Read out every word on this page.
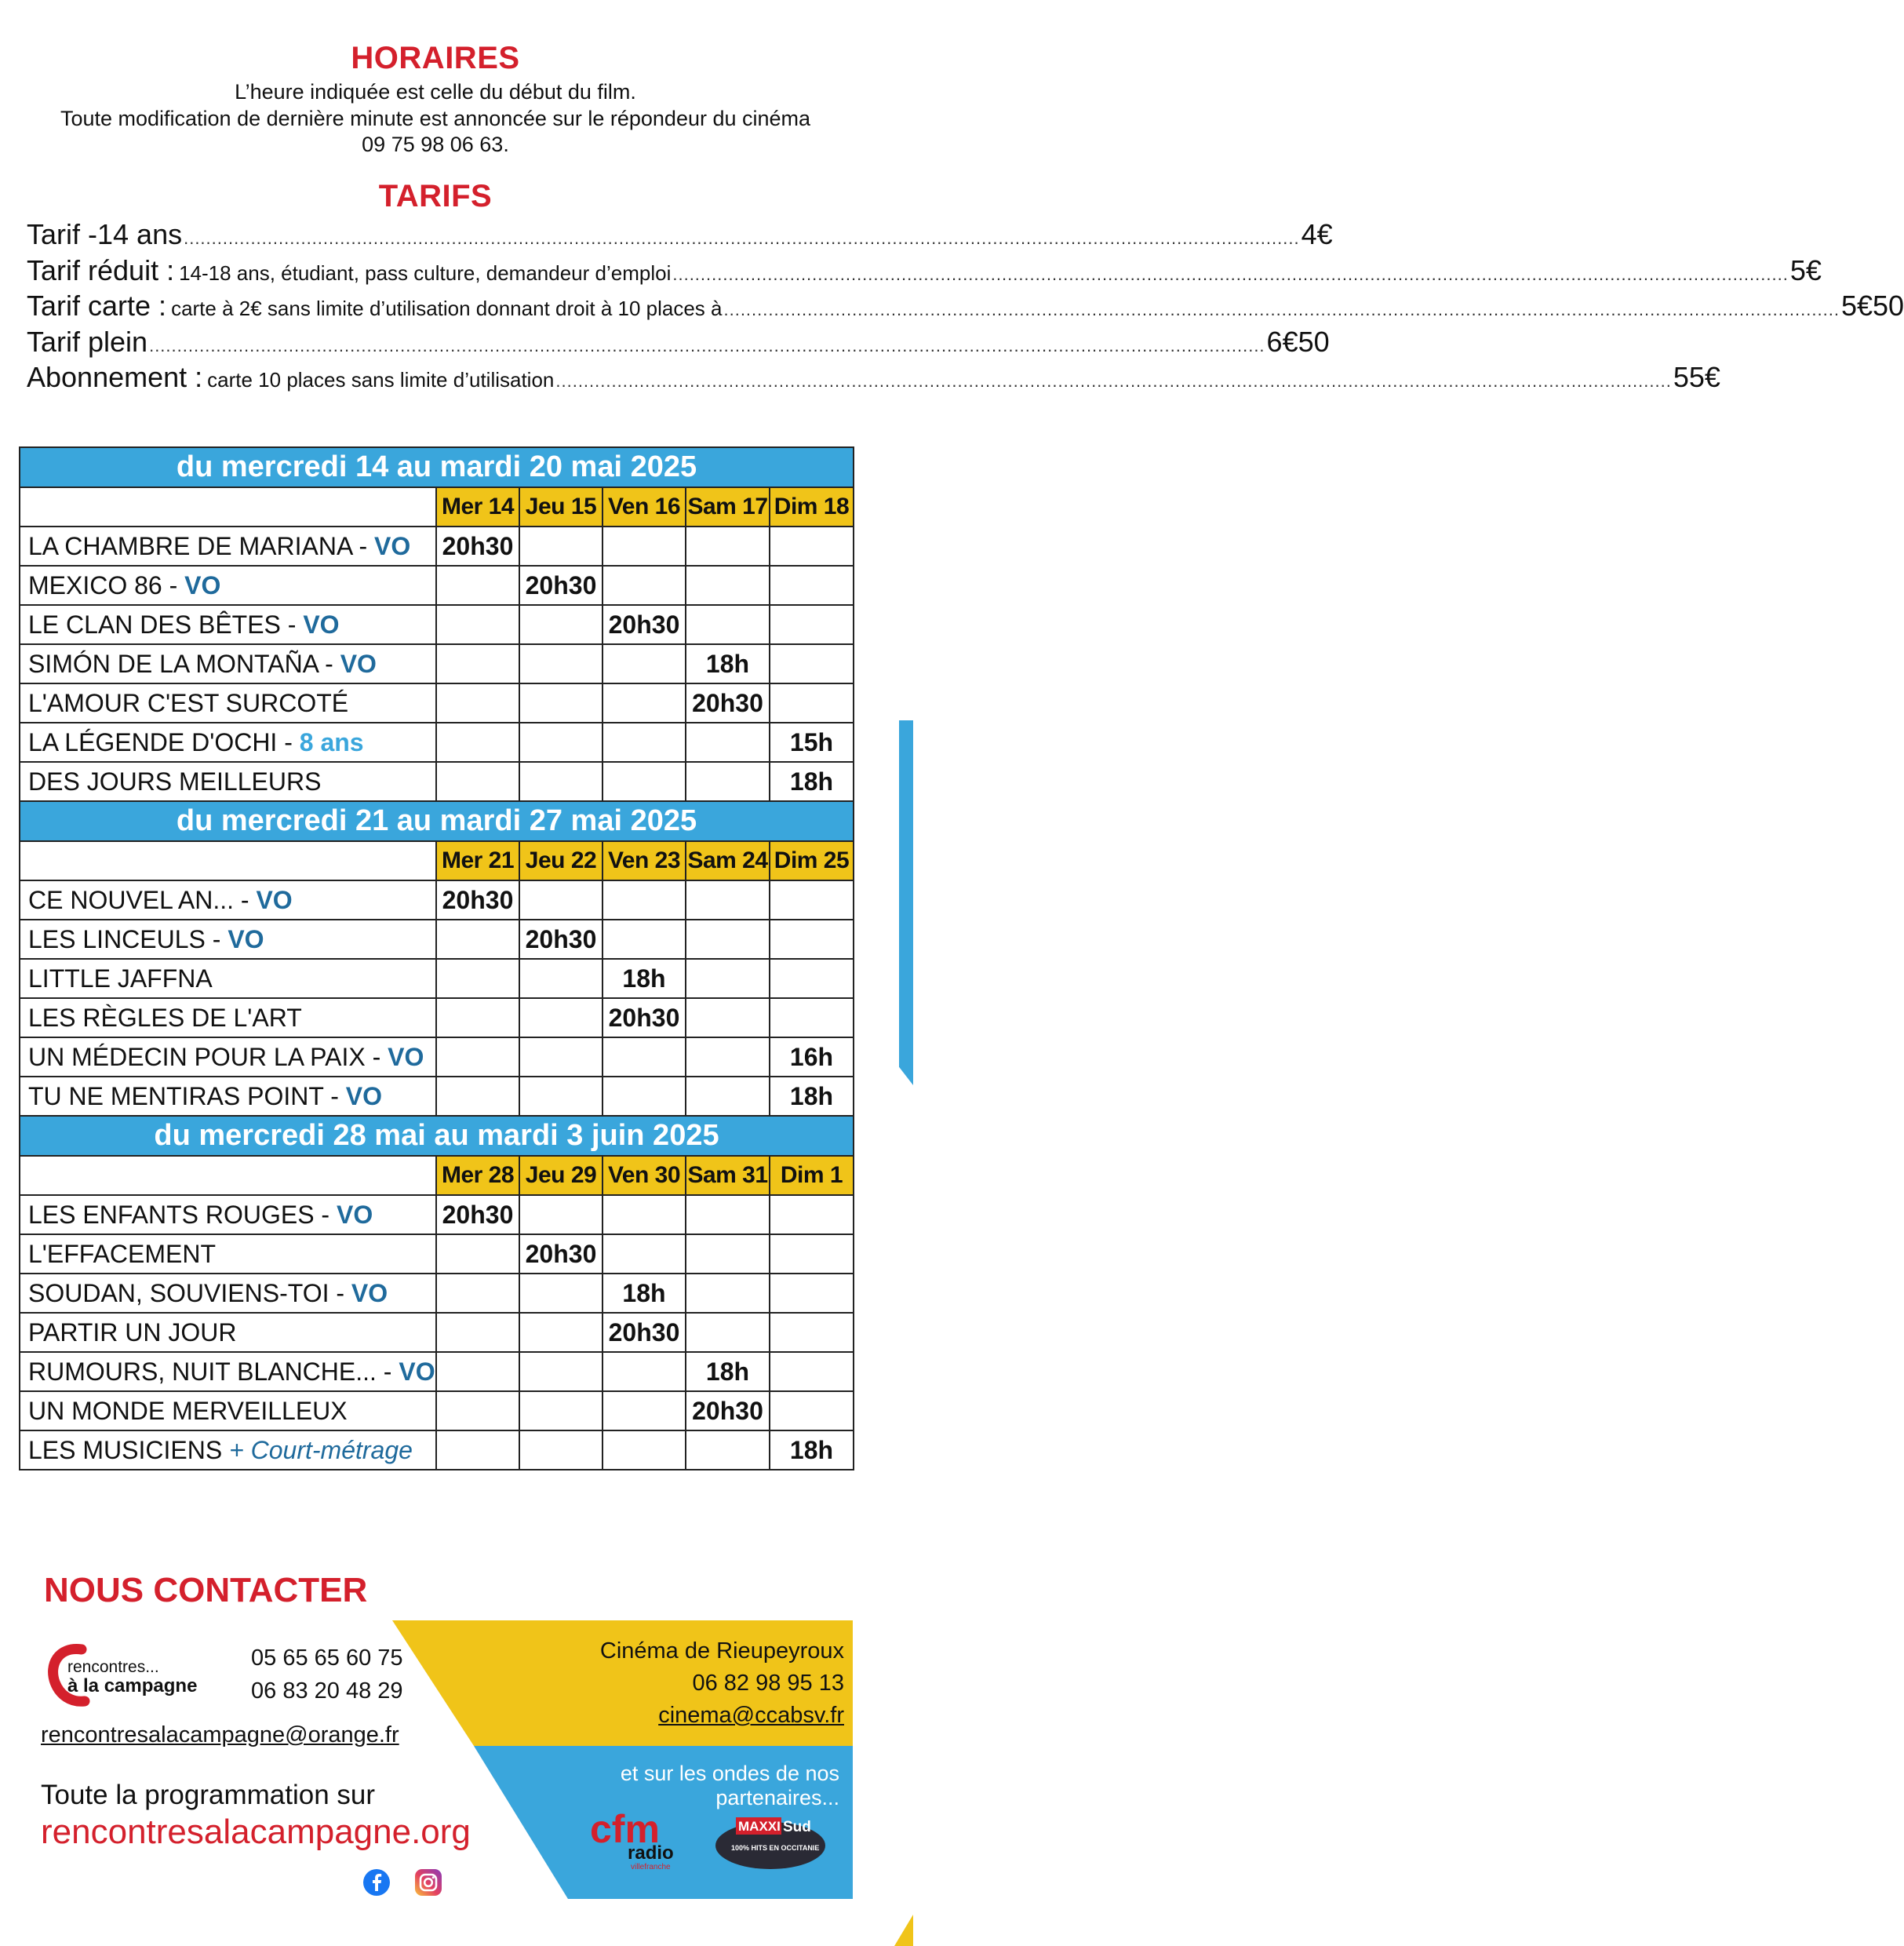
HORAIRES
L’heure indiquée est celle du début du film.
Toute modification de dernière minute est annoncée sur le répondeur du cinéma
09 75 98 06 63.
TARIFS
Tarif -14 ans ........................................................................................................................................................................................................ 4€
Tarif réduit : 14-18 ans, étudiant, pass culture, demandeur d’emploi ........................................................................................................................................................................................................ 5€
Tarif carte : carte à 2€ sans limite d’utilisation donnant droit à 10 places à ........................................................................................................................................................................................................ 5€50
Tarif plein ........................................................................................................................................................................................................ 6€50
Abonnement : carte 10 places sans limite d’utilisation ........................................................................................................................................................................................................ 55€
du mercredi 14 au mardi 20 mai 2025					
	Mer 14	Jeu 15	Ven 16	Sam 17	Dim 18
LA CHAMBRE DE MARIANA - VO	20h30				
MEXICO 86 - VO		20h30			
LE CLAN DES BÊTES - VO			20h30		
SIMÓN DE LA MONTAÑA - VO				18h	
L'AMOUR C'EST SURCOTÉ				20h30	
LA LÉGENDE D'OCHI - 8 ans					15h
DES JOURS MEILLEURS					18h
du mercredi 21 au mardi 27 mai 2025					
	Mer 21	Jeu 22	Ven 23	Sam 24	Dim 25
CE NOUVEL AN... - VO	20h30				
LES LINCEULS - VO		20h30			
LITTLE JAFFNA			18h		
LES RÈGLES DE L'ART			20h30		
UN MÉDECIN POUR LA PAIX - VO					16h
TU NE MENTIRAS POINT - VO					18h
du mercredi 28 mai au mardi 3 juin 2025					
	Mer 28	Jeu 29	Ven 30	Sam 31	Dim 1
LES ENFANTS ROUGES - VO	20h30				
L'EFFACEMENT		20h30			
SOUDAN, SOUVIENS-TOI - VO			18h		
PARTIR UN JOUR			20h30		
RUMOURS, NUIT BLANCHE... - VO				18h	
UN MONDE MERVEILLEUX				20h30	
LES MUSICIENS + Court-métrage					18h
NOUS CONTACTER
rencontres...
à la campagne
05 65 65 60 75
06 83 20 48 29
rencontresalacampagne@orange.fr
Toute la programmation sur
rencontresalacampagne.org
Cinéma de Rieupeyroux
06 82 98 95 13
cinema@ccabsv.fr
et sur les ondes de nos partenaires...
cfm
radio
villefranche
MAXXI Sud
100% HITS EN OCCITANIE
